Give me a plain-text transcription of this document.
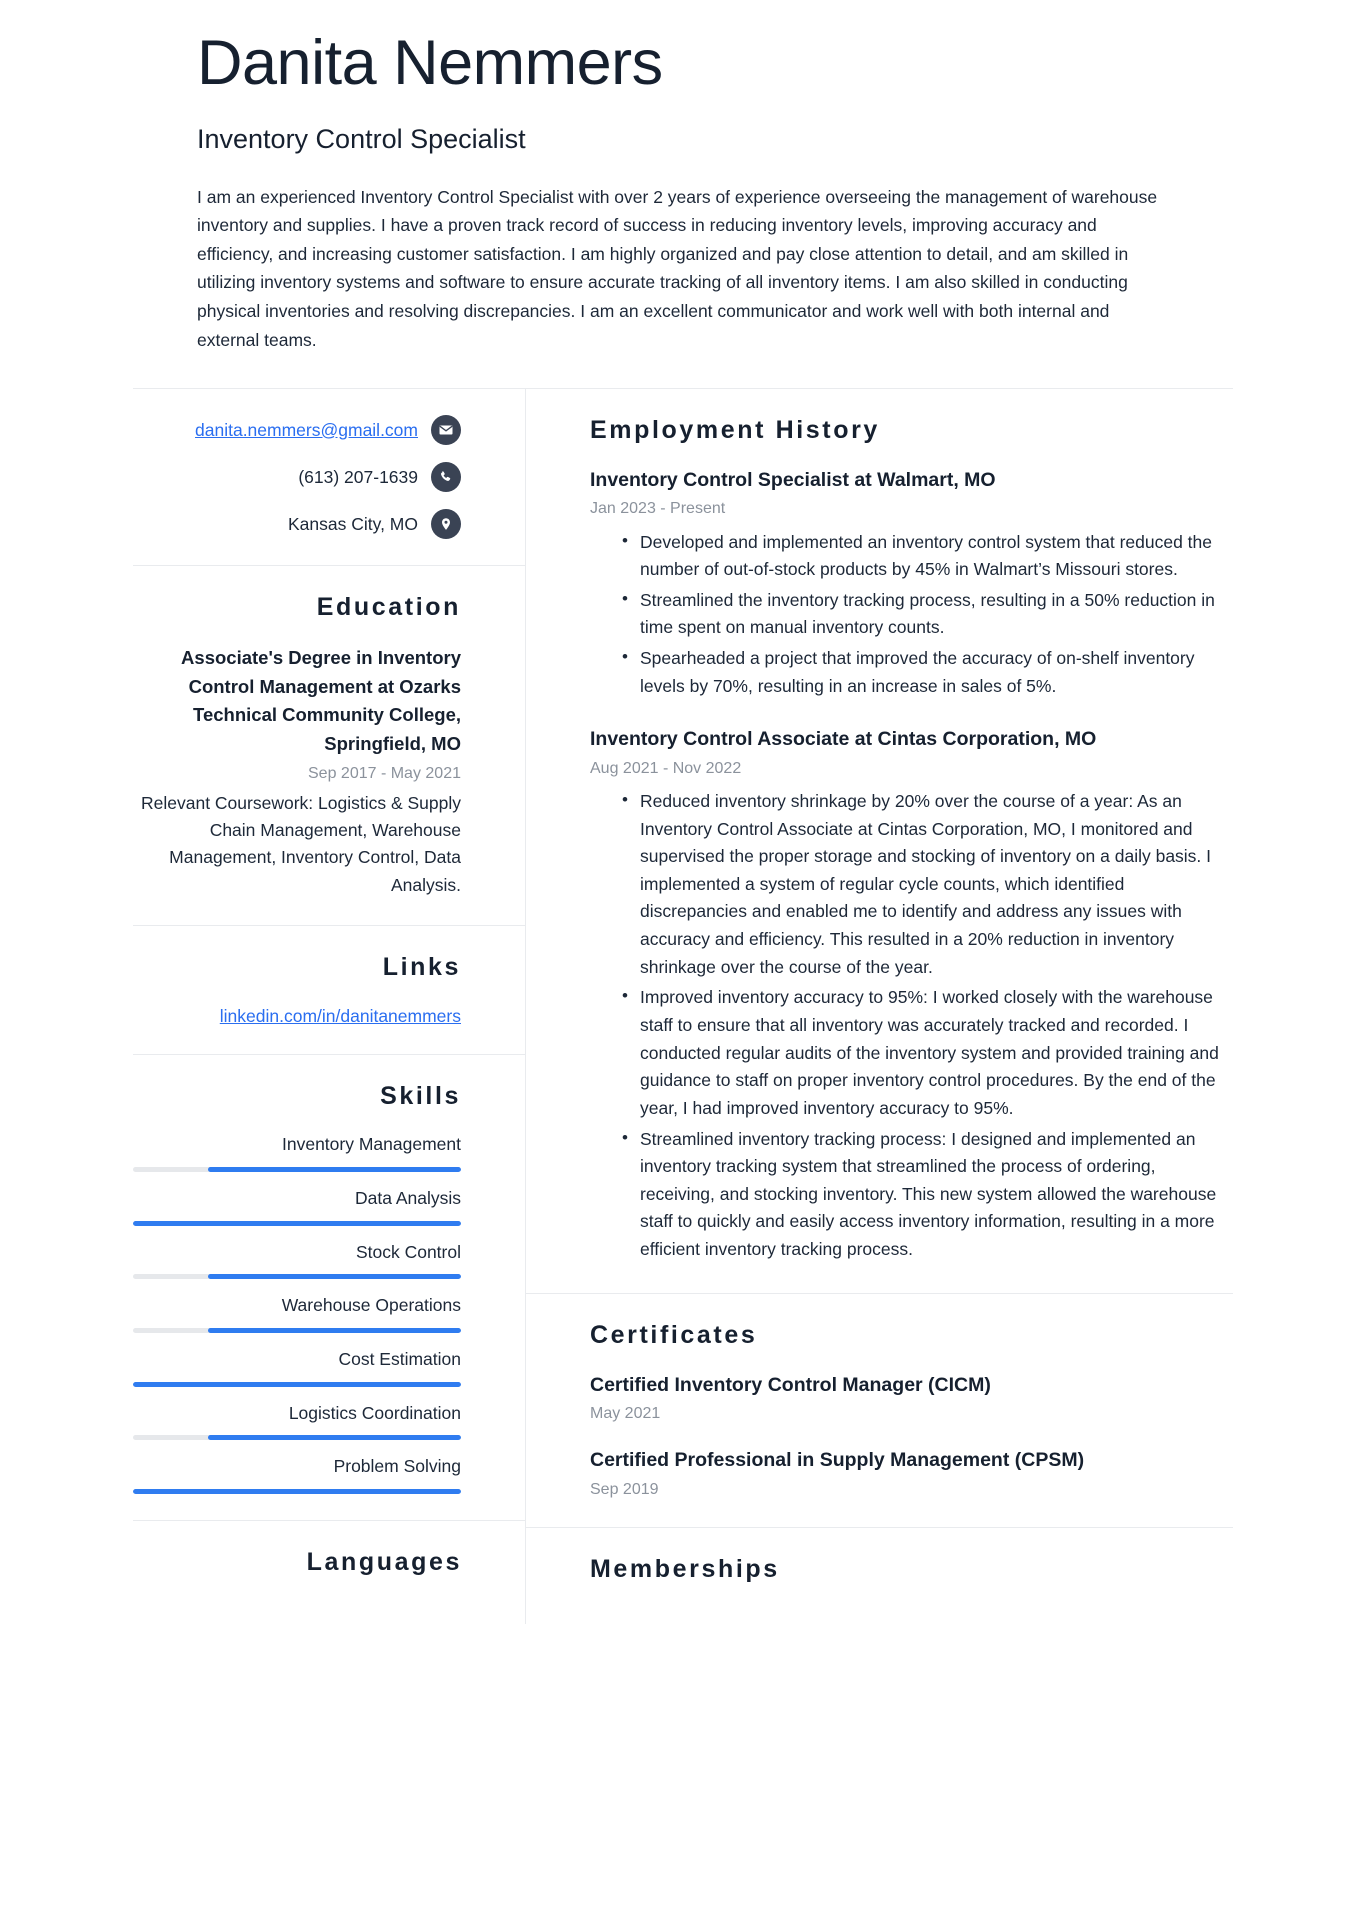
Danita Nemmers
Inventory Control Specialist

I am an experienced Inventory Control Specialist with over 2 years of experience overseeing the management of warehouse inventory and supplies. I have a proven track record of success in reducing inventory levels, improving accuracy and efficiency, and increasing customer satisfaction. I am highly organized and pay close attention to detail, and am skilled in utilizing inventory systems and software to ensure accurate tracking of all inventory items. I am also skilled in conducting physical inventories and resolving discrepancies. I am an excellent communicator and work well with both internal and external teams.

danita.nemmers@gmail.com
(613) 207-1639
Kansas City, MO
Education
Associate's Degree in Inventory Control Management at Ozarks Technical Community College, Springfield, MO
Sep 2017 - May 2021
Relevant Coursework: Logistics & Supply Chain Management, Warehouse Management, Inventory Control, Data Analysis.
Links
linkedin.com/in/danitanemmers
Skills
Inventory Management
Data Analysis
Stock Control
Warehouse Operations
Cost Estimation
Logistics Coordination
Problem Solving
Languages
Employment History
Inventory Control Specialist at Walmart, MO
Jan 2023 - Present
• Developed and implemented an inventory control system that reduced the number of out-of-stock products by 45% in Walmart’s Missouri stores.
• Streamlined the inventory tracking process, resulting in a 50% reduction in time spent on manual inventory counts.
• Spearheaded a project that improved the accuracy of on-shelf inventory levels by 70%, resulting in an increase in sales of 5%.
Inventory Control Associate at Cintas Corporation, MO
Aug 2021 - Nov 2022
• Reduced inventory shrinkage by 20% over the course of a year: As an Inventory Control Associate at Cintas Corporation, MO, I monitored and supervised the proper storage and stocking of inventory on a daily basis. I implemented a system of regular cycle counts, which identified discrepancies and enabled me to identify and address any issues with accuracy and efficiency. This resulted in a 20% reduction in inventory shrinkage over the course of the year.
• Improved inventory accuracy to 95%: I worked closely with the warehouse staff to ensure that all inventory was accurately tracked and recorded. I conducted regular audits of the inventory system and provided training and guidance to staff on proper inventory control procedures. By the end of the year, I had improved inventory accuracy to 95%.
• Streamlined inventory tracking process: I designed and implemented an inventory tracking system that streamlined the process of ordering, receiving, and stocking inventory. This new system allowed the warehouse staff to quickly and easily access inventory information, resulting in a more efficient inventory tracking process.
Certificates
Certified Inventory Control Manager (CICM)
May 2021
Certified Professional in Supply Management (CPSM)
Sep 2019
Memberships
